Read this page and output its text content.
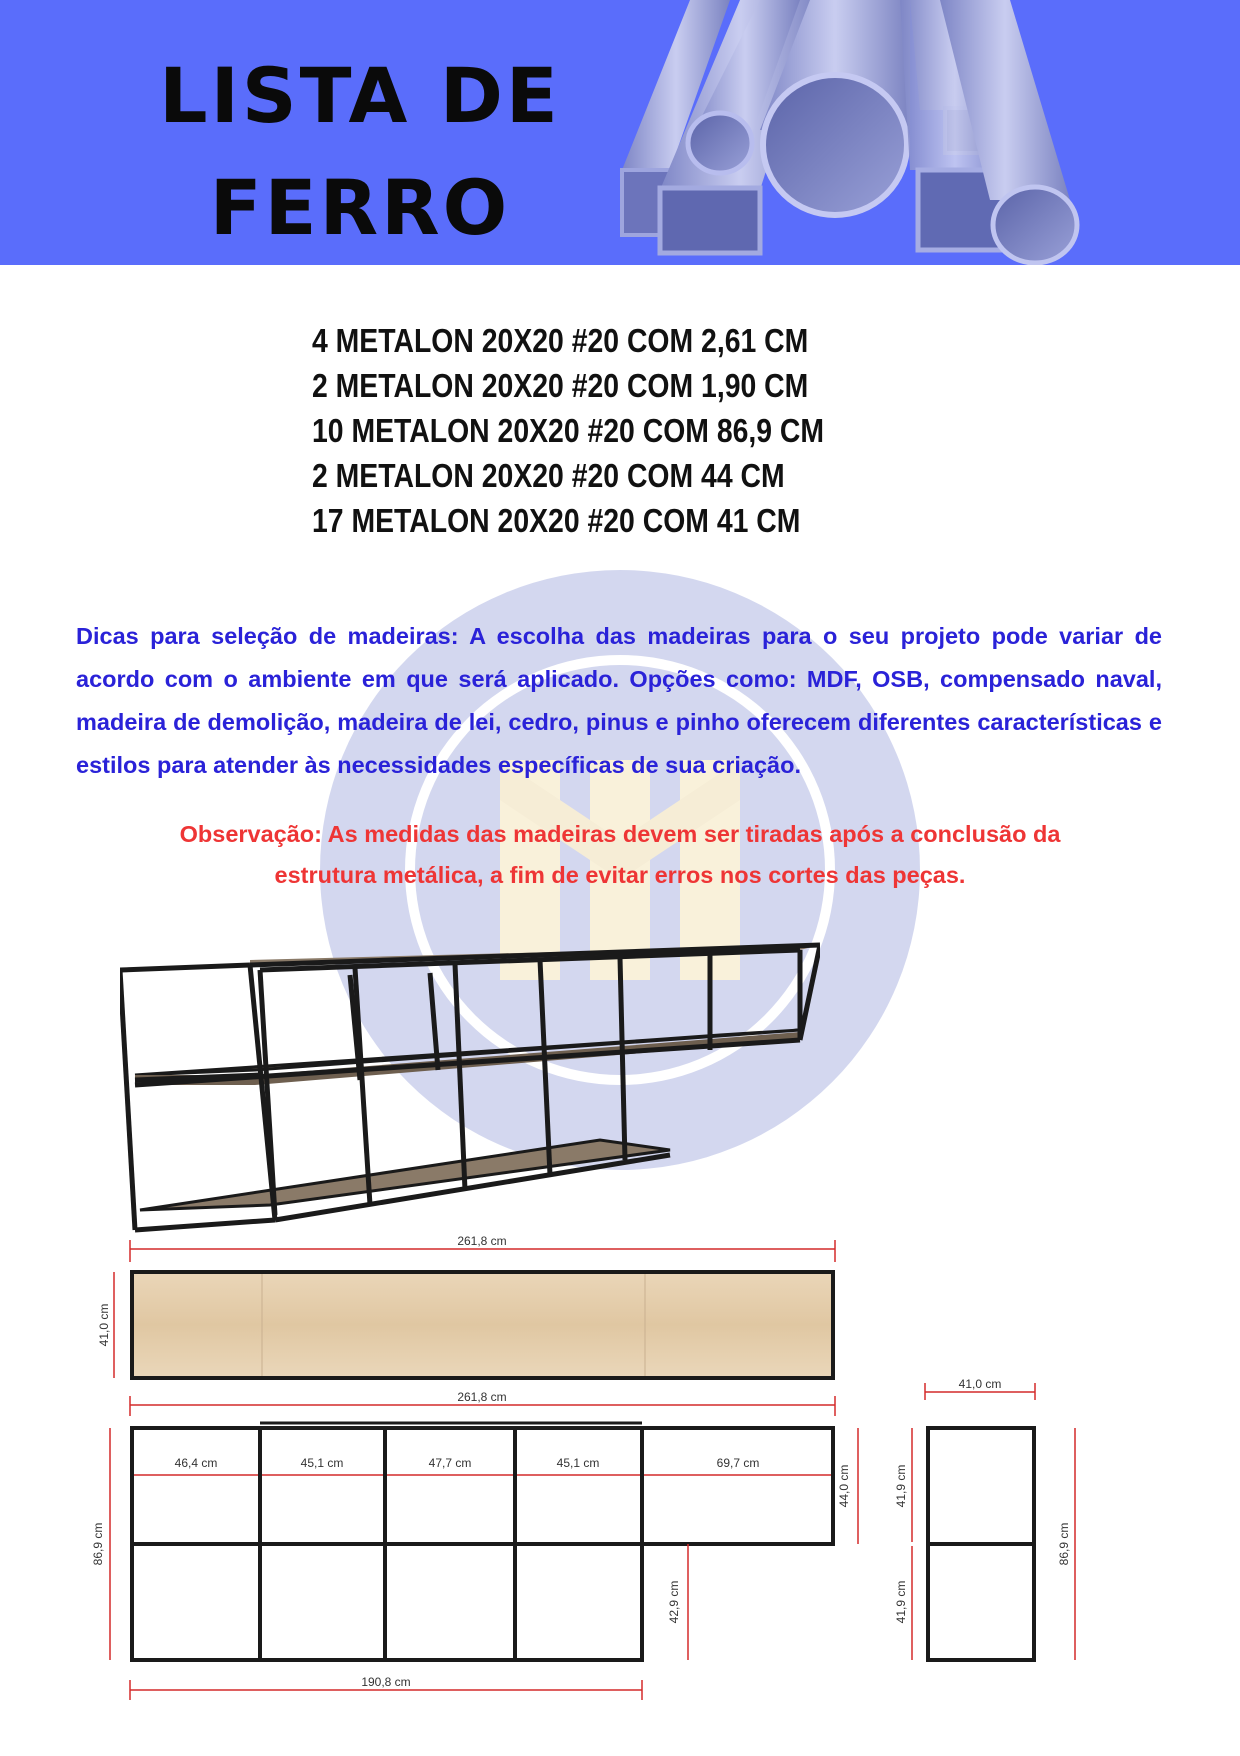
LISTA DE
FERRO
4 METALON 20X20 #20 COM 2,61 CM
2 METALON 20X20 #20 COM 1,90 CM
10 METALON 20X20 #20 COM 86,9 CM
2 METALON 20X20 #20 COM 44 CM
17 METALON 20X20 #20 COM 41 CM
Dicas para seleção de madeiras: A escolha das madeiras para o seu projeto pode variar de acordo com o ambiente em que será aplicado. Opções como: MDF, OSB, compensado naval, madeira de demolição, madeira de lei, cedro, pinus e pinho oferecem diferentes características e estilos para atender às necessidades específicas de sua criação.
Observação: As medidas das madeiras devem ser tiradas após a conclusão da
estrutura metálica, a fim de evitar erros nos cortes das peças.
261,8 cm
41,0 cm
261,8 cm
46,4 cm	45,1 cm	47,7 cm	45,1 cm	69,7 cm
44,0 cm
86,9 cm
42,9 cm
190,8 cm
41,0 cm
41,9 cm
41,9 cm
86,9 cm
